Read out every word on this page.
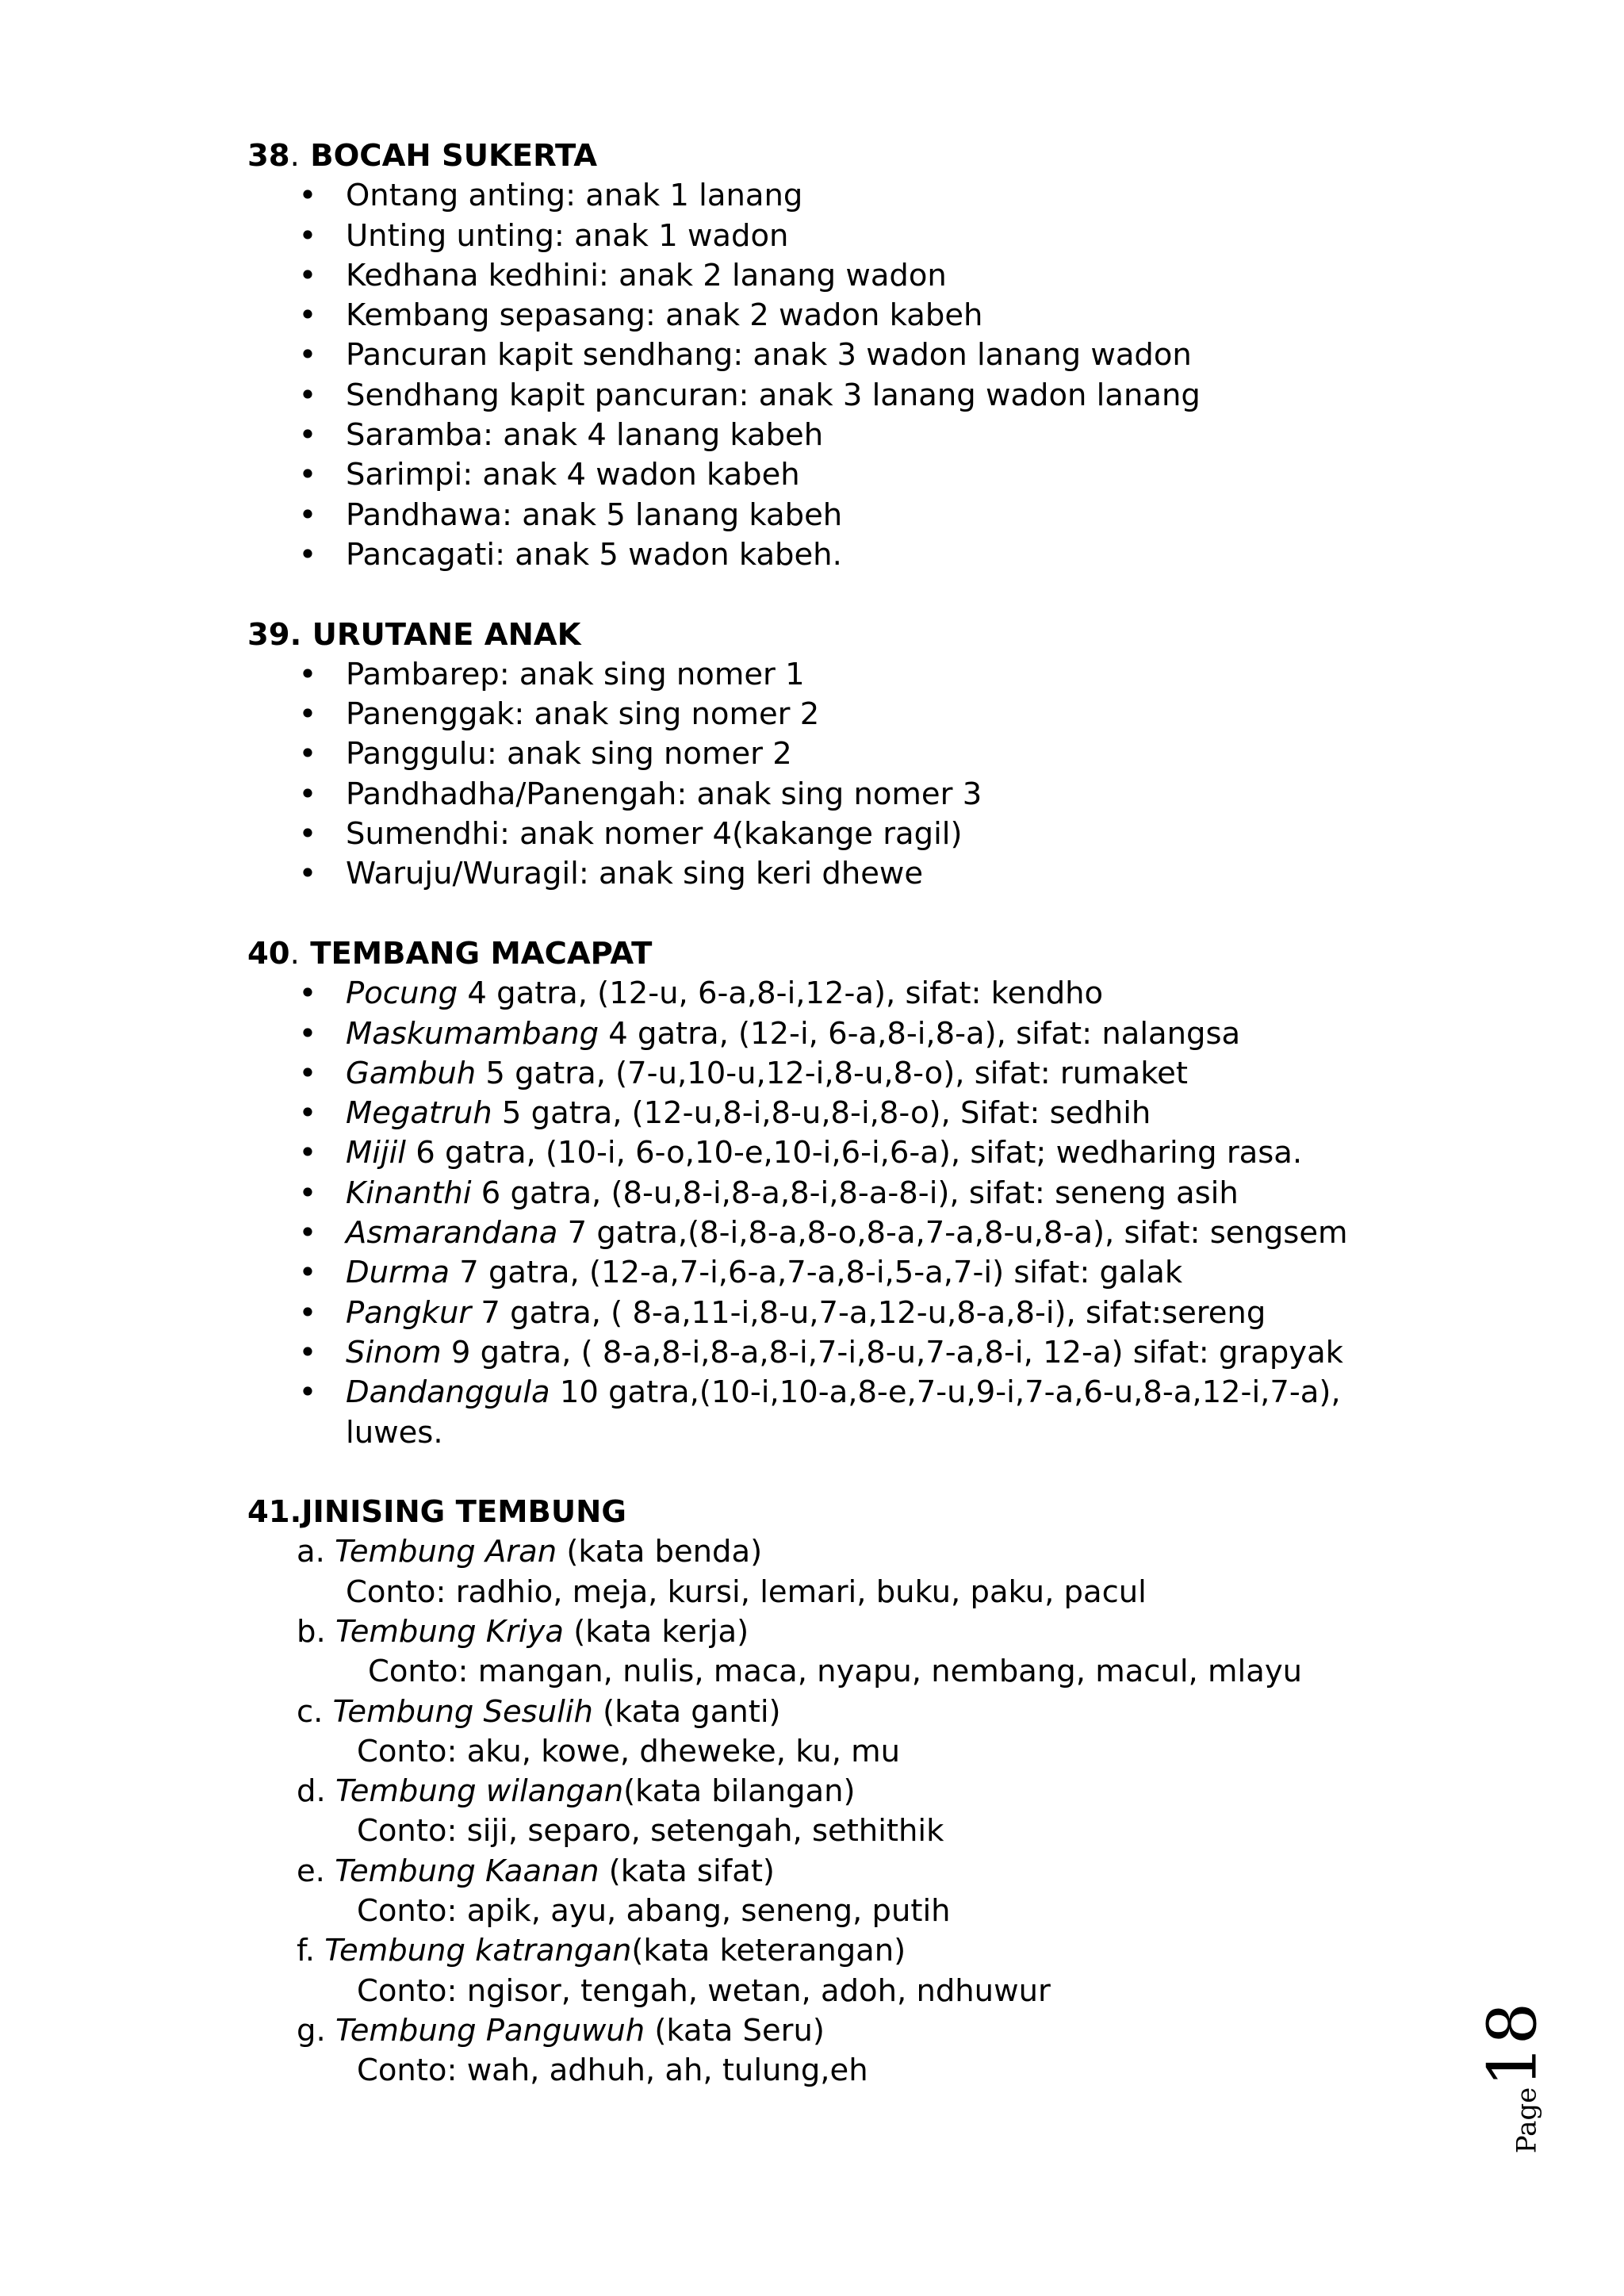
38. BOCAH SUKERTA

• Ontang anting: anak 1 lanang
• Unting unting: anak 1 wadon
• Kedhana kedhini: anak 2 lanang wadon
• Kembang sepasang: anak 2 wadon kabeh
• Pancuran kapit sendhang: anak 3 wadon lanang wadon
• Sendhang kapit pancuran: anak 3 lanang wadon lanang
• Saramba: anak 4 lanang kabeh
• Sarimpi: anak 4 wadon kabeh
• Pandhawa: anak 5 lanang kabeh
• Pancagati: anak 5 wadon kabeh.

39. URUTANE ANAK

• Pambarep: anak sing nomer 1
• Panenggak: anak sing nomer 2
• Panggulu: anak sing nomer 2
• Pandhadha/Panengah: anak sing nomer 3
• Sumendhi: anak nomer 4(kakange ragil)
• Waruju/Wuragil: anak sing keri dhewe

40. TEMBANG MACAPAT

• Pocung 4 gatra, (12-u, 6-a,8-i,12-a), sifat: kendho
• Maskumambang 4 gatra, (12-i, 6-a,8-i,8-a), sifat: nalangsa
• Gambuh 5 gatra, (7-u,10-u,12-i,8-u,8-o), sifat: rumaket
• Megatruh 5 gatra, (12-u,8-i,8-u,8-i,8-o), Sifat: sedhih
• Mijil 6 gatra, (10-i, 6-o,10-e,10-i,6-i,6-a), sifat; wedharing rasa.
• Kinanthi 6 gatra, (8-u,8-i,8-a,8-i,8-a-8-i), sifat: seneng asih
• Asmarandana 7 gatra,(8-i,8-a,8-o,8-a,7-a,8-u,8-a), sifat: sengsem
• Durma 7 gatra, (12-a,7-i,6-a,7-a,8-i,5-a,7-i) sifat: galak
• Pangkur 7 gatra, ( 8-a,11-i,8-u,7-a,12-u,8-a,8-i), sifat:sereng
• Sinom 9 gatra, ( 8-a,8-i,8-a,8-i,7-i,8-u,7-a,8-i, 12-a) sifat: grapyak
• Dandanggula 10 gatra,(10-i,10-a,8-e,7-u,9-i,7-a,6-u,8-a,12-i,7-a),
luwes.

41.JINISING TEMBUNG

a. Tembung Aran (kata benda)
Conto: radhio, meja, kursi, lemari, buku, paku, pacul
b. Tembung Kriya (kata kerja)
Conto: mangan, nulis, maca, nyapu, nembang, macul, mlayu
c. Tembung Sesulih (kata ganti)
Conto: aku, kowe, dheweke, ku, mu
d. Tembung wilangan(kata bilangan)
Conto: siji, separo, setengah, sethithik
e. Tembung Kaanan (kata sifat)
Conto: apik, ayu, abang, seneng, putih
f. Tembung katrangan(kata keterangan)
Conto: ngisor, tengah, wetan, adoh, ndhuwur
g. Tembung Panguwuh (kata Seru)
Conto: wah, adhuh, ah, tulung,eh
Page18
